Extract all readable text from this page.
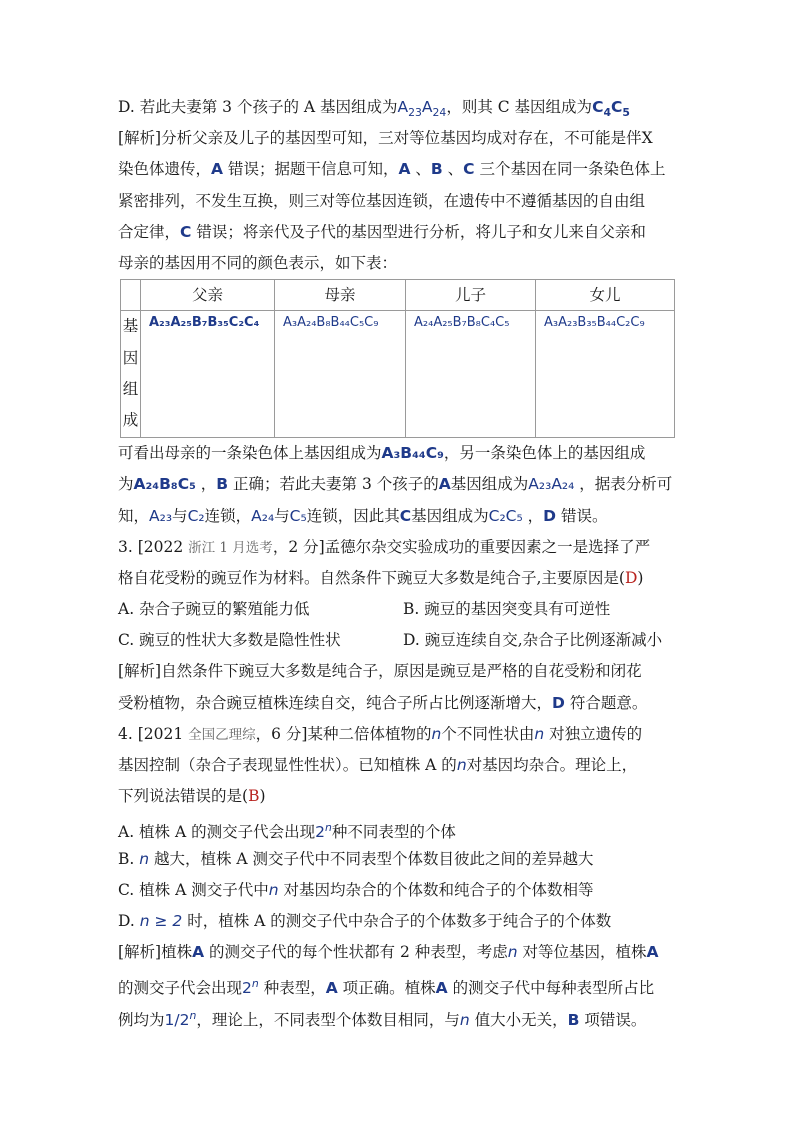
D. 若此夫妻第 3 个孩子的 A 基因组成为$A_{23}A_{24}$，则其 C 基因组成为$C_4C_5$
[解析]分析父亲及儿子的基因型可知，三对等位基因均成对存在，不可能是伴X
染色体遗传，A 错误；据题干信息可知，A 、B 、C 三个基因在同一条染色体上
紧密排列，不发生互换，则三对等位基因连锁，在遗传中不遵循基因的自由组
合定律，C 错误；将亲代及子代的基因型进行分析，将儿子和女儿来自父亲和
母亲的基因用不同的颜色表示，如下表：
	父亲	母亲	儿子	女儿

基
因
组
成	A₂₃A₂₅B₇B₃₅C₂C₄	A₃A₂₄B₈B₄₄C₅C₉	A₂₄A₂₅B₇B₈C₄C₅	A₃A₂₃B₃₅B₄₄C₂C₉
可看出母亲的一条染色体上基因组成为A₃B₄₄C₉，另一条染色体上的基因组成
为A₂₄B₈C₅ ，B 正确；若此夫妻第 3 个孩子的A基因组成为A₂₃A₂₄ ，据表分析可
知，A₂₃与C₂连锁，A₂₄与C₅连锁，因此其C基因组成为C₂C₅ ，D 错误。
3. [2022 浙江 1 月选考，2 分]孟德尔杂交实验成功的重要因素之一是选择了严
格自花受粉的豌豆作为材料。自然条件下豌豆大多数是纯合子,主要原因是(D)
A. 杂合子豌豆的繁殖能力低	B. 豌豆的基因突变具有可逆性
C. 豌豆的性状大多数是隐性性状	D. 豌豆连续自交,杂合子比例逐渐减小
[解析]自然条件下豌豆大多数是纯合子，原因是豌豆是严格的自花受粉和闭花
受粉植物，杂合豌豆植株连续自交，纯合子所占比例逐渐增大，D 符合题意。
4. [2021 全国乙理综，6 分]某种二倍体植物的n个不同性状由n 对独立遗传的
基因控制（杂合子表现显性性状）。已知植株 A 的n对基因均杂合。理论上，
下列说法错误的是(B)
A. 植株 A 的测交子代会出现2$^n$种不同表型的个体
B. n 越大，植株 A 测交子代中不同表型个体数目彼此之间的差异越大
C. 植株 A 测交子代中n 对基因均杂合的个体数和纯合子的个体数相等
D. n ≥ 2 时，植株 A 的测交子代中杂合子的个体数多于纯合子的个体数
[解析]植株A 的测交子代的每个性状都有 2 种表型，考虑n 对等位基因，植株A
的测交子代会出现2$^n$ 种表型，A 项正确。植株A 的测交子代中每种表型所占比
例均为1/2$^n$，理论上，不同表型个体数目相同，与n 值大小无关，B 项错误。
